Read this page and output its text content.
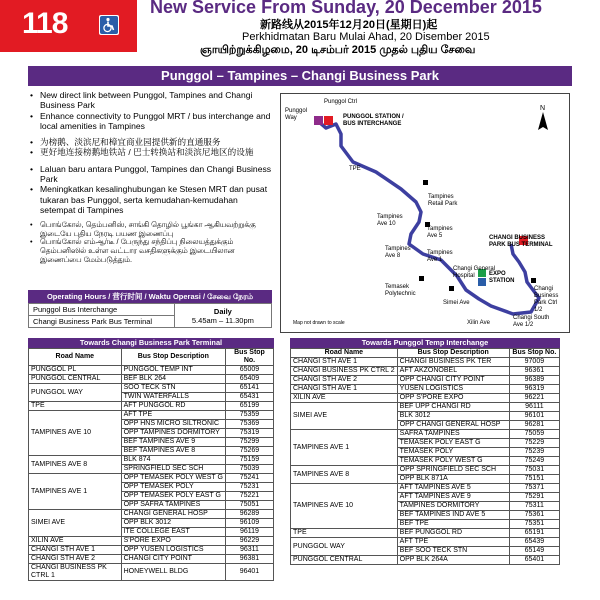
118	New Service From Sunday, 20 December 2015
新路线从2015年12月20日(星期日)起
Perkhidmatan Baru Mulai Ahad, 20 Disember 2015
ஞாயிற்றுக்கிழமை, 20 டிசம்பர் 2015 முதல் புதிய சேவை
Punggol – Tampines – Changi Business Park
• New direct link between Punggol, Tampines and Changi Business Park
• Enhance connectivity to Punggol MRT / bus interchange and local amenities in Tampines
• 为榜鹅、淡滨尼和樟宜商业园提供新的直通服务
• 更好地连接榜鹅地铁站 / 巴士转换站和淡滨尼地区的设施
• Laluan baru antara Punggol, Tampines dan Changi Business Park
• Meningkatkan kesalinghubungan ke Stesen MRT dan pusat tukaran bas Punggol, serta kemudahan-kemudahan setempat di Tampines
• பொங்கோல், தெம்பனிஸ், சாங்கி தொழில் பூங்கா ஆகியவற்றுக்கு இடையே புதிய நேரடி பயண இணைப்பு
• பொங்கோல் எம்ஆர்டீ / பேருந்து சந்திப்பு நிலையத்துக்கும் தெம்பனிஸில் உள்ள வட்டார வசதிகளுக்கும் இடையிலான இணைப்பை மேம்படுத்தும்.
N
Punggol Ctrl
Punggol
Way	PUNGGOL STATION /
BUS INTERCHANGE
TPE
Tampines
Retail Park
Tampines
Ave 10
Tampines
Ave 5
Tampines
Ave 8	Tampines
Ave 1
CHANGI BUSINESS
PARK BUS TERMINAL
Changi General
Hospital
Temasek
Polytechnic
EXPO
STATION
Changi
Business
Park Ctrl
1/2
Simei Ave
Xilin Ave
Changi South
Ave 1/2
Map not drawn to scale
Operating Hours / 营行时间 / Waktu Operasi / சேவை நேரம்
Punggol Bus Interchange	Daily
5.45am – 11.30pm
Changi Business Park Bus Terminal
Towards Changi Business Park Terminal
Road Name	Bus Stop Description	Bus Stop No.
PUNGGOL PL	PUNGGOL TEMP INT	65009
PUNGGOL CENTRAL	BEF BLK 264	65409
PUNGGOL WAY	SOO TECK STN	65141
	TWIN WATERFALLS	65431
TPE	AFT PUNGGOL RD	65199
TAMPINES AVE 10	AFT TPE	75359
	OPP HNS MICRO SILTRONIC	75369
	OPP TAMPINES DORMITORY	75319
	BEF TAMPINES AVE 9	75299
	BEF TAMPINES AVE 8	75269
TAMPINES AVE 8	BLK 874	75159
	SPRINGFIELD SEC SCH	75039
TAMPINES AVE 1	OPP TEMASEK POLY WEST G	75241
	OPP TEMASEK POLY	75231
	OPP TEMASEK POLY EAST G	75221
	OPP SAFRA TAMPINES	75051
SIMEI AVE	CHANGI GENERAL HOSP	96289
	OPP BLK 3012	96109
	ITE COLLEGE EAST	96119
XILIN AVE	S'PORE EXPO	96229
CHANGI STH AVE 1	OPP YUSEN LOGISTICS	96311
CHANGI STH AVE 2	CHANGI CITY POINT	96381
CHANGI BUSINESS PK
CTRL 1	HONEYWELL BLDG	96401
Towards Punggol Temp Interchange
Road Name	Bus Stop Description	Bus Stop No.
CHANGI STH AVE 1	CHANGI BUSINESS PK TER	97009
CHANGI BUSINESS PK CTRL 2	AFT AKZONOBEL	96361
CHANGI STH AVE 2	OPP CHANGI CITY POINT	96389
CHANGI STH AVE 1	YUSEN LOGISTICS	96319
XILIN AVE	OPP S'PORE EXPO	96221
SIMEI AVE	BEF UPP CHANGI RD	96111
	BLK 3012	96101
	OPP CHANGI GENERAL HOSP	96281
TAMPINES AVE 1	SAFRA TAMPINES	75059
	TEMASEK POLY EAST G	75229
	TEMASEK POLY	75239
	TEMASEK POLY WEST G	75249
TAMPINES AVE 8	OPP SPRINGFIELD SEC SCH	75031
	OPP BLK 871A	75151
TAMPINES AVE 10	AFT TAMPINES AVE 5	75371
	AFT TAMPINES AVE 9	75291
	TAMPINES DORMITORY	75311
	BEF TAMPINES IND AVE 5	75361
	BEF TPE	75351
TPE	BEF PUNGGOL RD	65191
PUNGGOL WAY	AFT TPE	65439
	BEF SOO TECK STN	65149
PUNGGOL CENTRAL	OPP BLK 264A	65401
